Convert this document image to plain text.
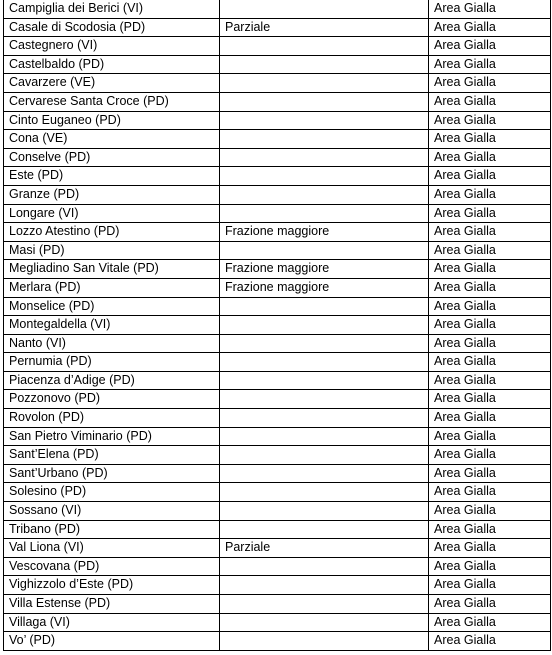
Campiglia dei Berici (VI)		Area Gialla
Casale di Scodosia (PD)	Parziale	Area Gialla
Castegnero (VI)		Area Gialla
Castelbaldo (PD)		Area Gialla
Cavarzere (VE)		Area Gialla
Cervarese Santa Croce (PD)		Area Gialla
Cinto Euganeo (PD)		Area Gialla
Cona (VE)		Area Gialla
Conselve (PD)		Area Gialla
Este (PD)		Area Gialla
Granze (PD)		Area Gialla
Longare (VI)		Area Gialla
Lozzo Atestino (PD)	Frazione maggiore	Area Gialla
Masi (PD)		Area Gialla
Megliadino San Vitale (PD)	Frazione maggiore	Area Gialla
Merlara (PD)	Frazione maggiore	Area Gialla
Monselice (PD)		Area Gialla
Montegaldella (VI)		Area Gialla
Nanto (VI)		Area Gialla
Pernumia (PD)		Area Gialla
Piacenza d’Adige (PD)		Area Gialla
Pozzonovo (PD)		Area Gialla
Rovolon (PD)		Area Gialla
San Pietro Viminario (PD)		Area Gialla
Sant’Elena (PD)		Area Gialla
Sant’Urbano (PD)		Area Gialla
Solesino (PD)		Area Gialla
Sossano (VI)		Area Gialla
Tribano (PD)		Area Gialla
Val Liona (VI)	Parziale	Area Gialla
Vescovana (PD)		Area Gialla
Vighizzolo d’Este (PD)		Area Gialla
Villa Estense (PD)		Area Gialla
Villaga (VI)		Area Gialla
Vo’ (PD)		Area Gialla
